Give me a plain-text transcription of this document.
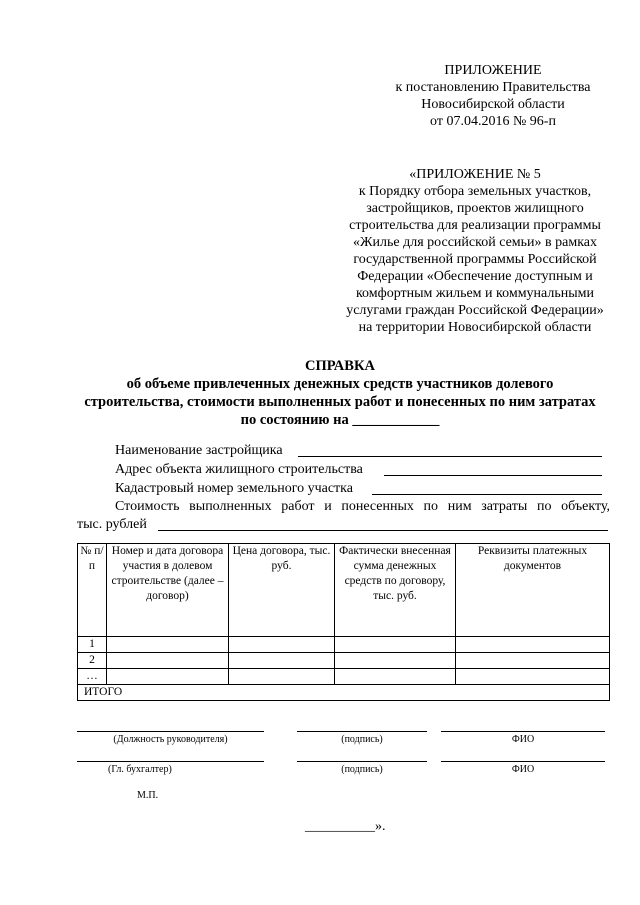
ПРИЛОЖЕНИЕ
к постановлению Правительства
Новосибирской области
от 07.04.2016 № 96-п
«ПРИЛОЖЕНИЕ № 5
к Порядку отбора земельных участков,
застройщиков, проектов жилищного
строительства для реализации программы
«Жилье для российской семьи» в рамках
государственной программы Российской
Федерации «Обеспечение доступным и
комфортным жильем и коммунальными
услугами граждан Российской Федерации»
на территории Новосибирской области
СПРАВКА
об объеме привлеченных денежных средств участников долевого
строительства, стоимости выполненных работ и понесенных по ним затратах
по состоянию на ____________
Наименование застройщика
Адрес объекта жилищного строительства
Кадастровый номер земельного участка
Стоимость выполненных работ и понесенных по ним затраты по объекту,
тыс. рублей
№ п/п	Номер и дата договора участия в долевом строительстве (далее – договор)	Цена договора, тыс. руб.	Фактически внесенная сумма денежных средств по договору, тыс. руб.	Реквизиты платежных документов
1				
2				
…				
ИТОГО				
(Должность руководителя)	(подпись)	ФИО
(Гл. бухгалтер)	(подпись)	ФИО
М.П.
__________».
